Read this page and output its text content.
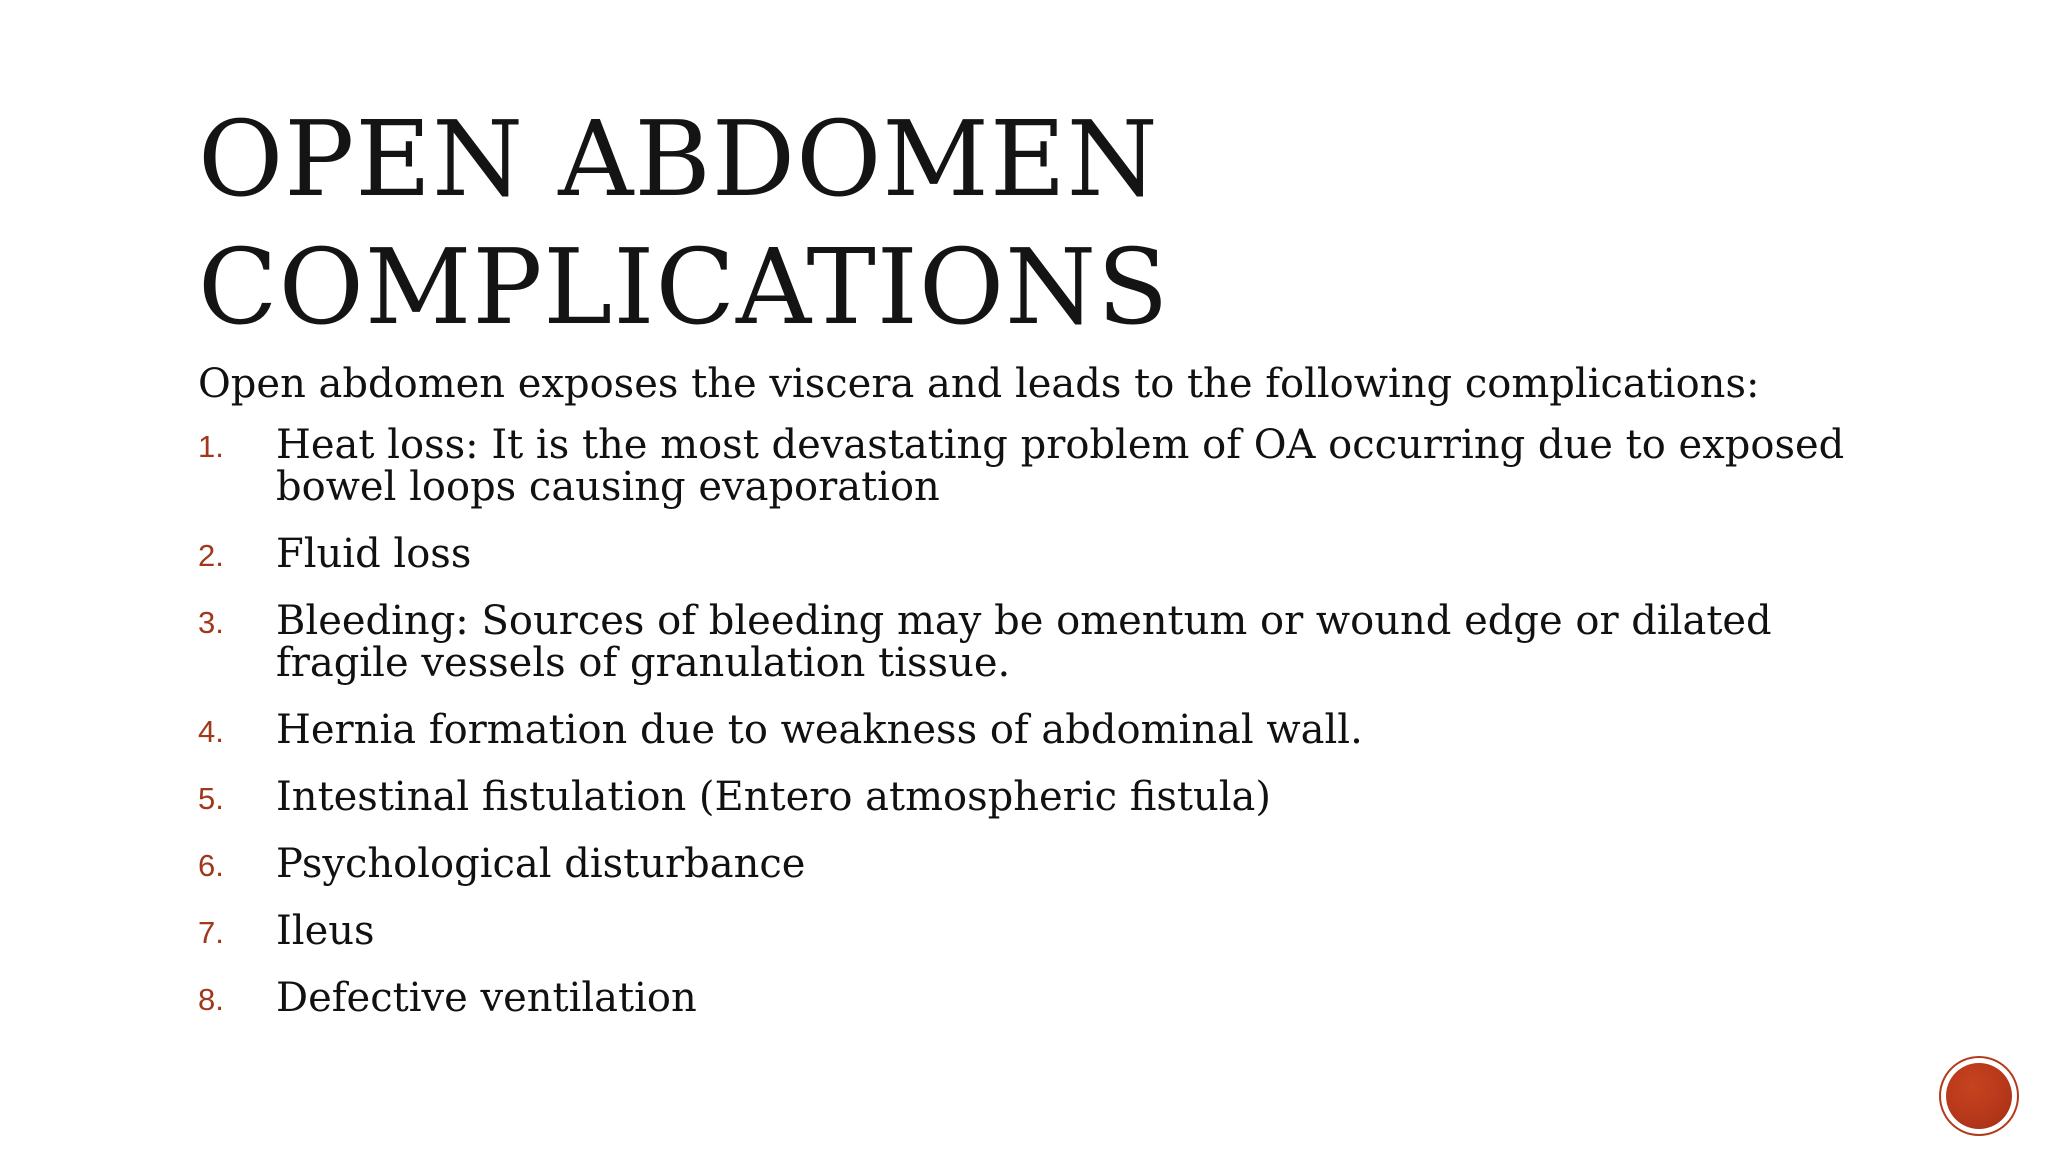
OPEN ABDOMEN
COMPLICATIONS

Open abdomen exposes the viscera and leads to the following complications:

1. Heat loss: It is the most devastating problem of OA occurring due to exposed bowel loops causing evaporation
2. Fluid loss
3. Bleeding: Sources of bleeding may be omentum or wound edge or dilated fragile vessels of granulation tissue.
4. Hernia formation due to weakness of abdominal wall.
5. Intestinal fistulation (Entero atmospheric fistula)
6. Psychological disturbance
7. Ileus
8. Defective ventilation
